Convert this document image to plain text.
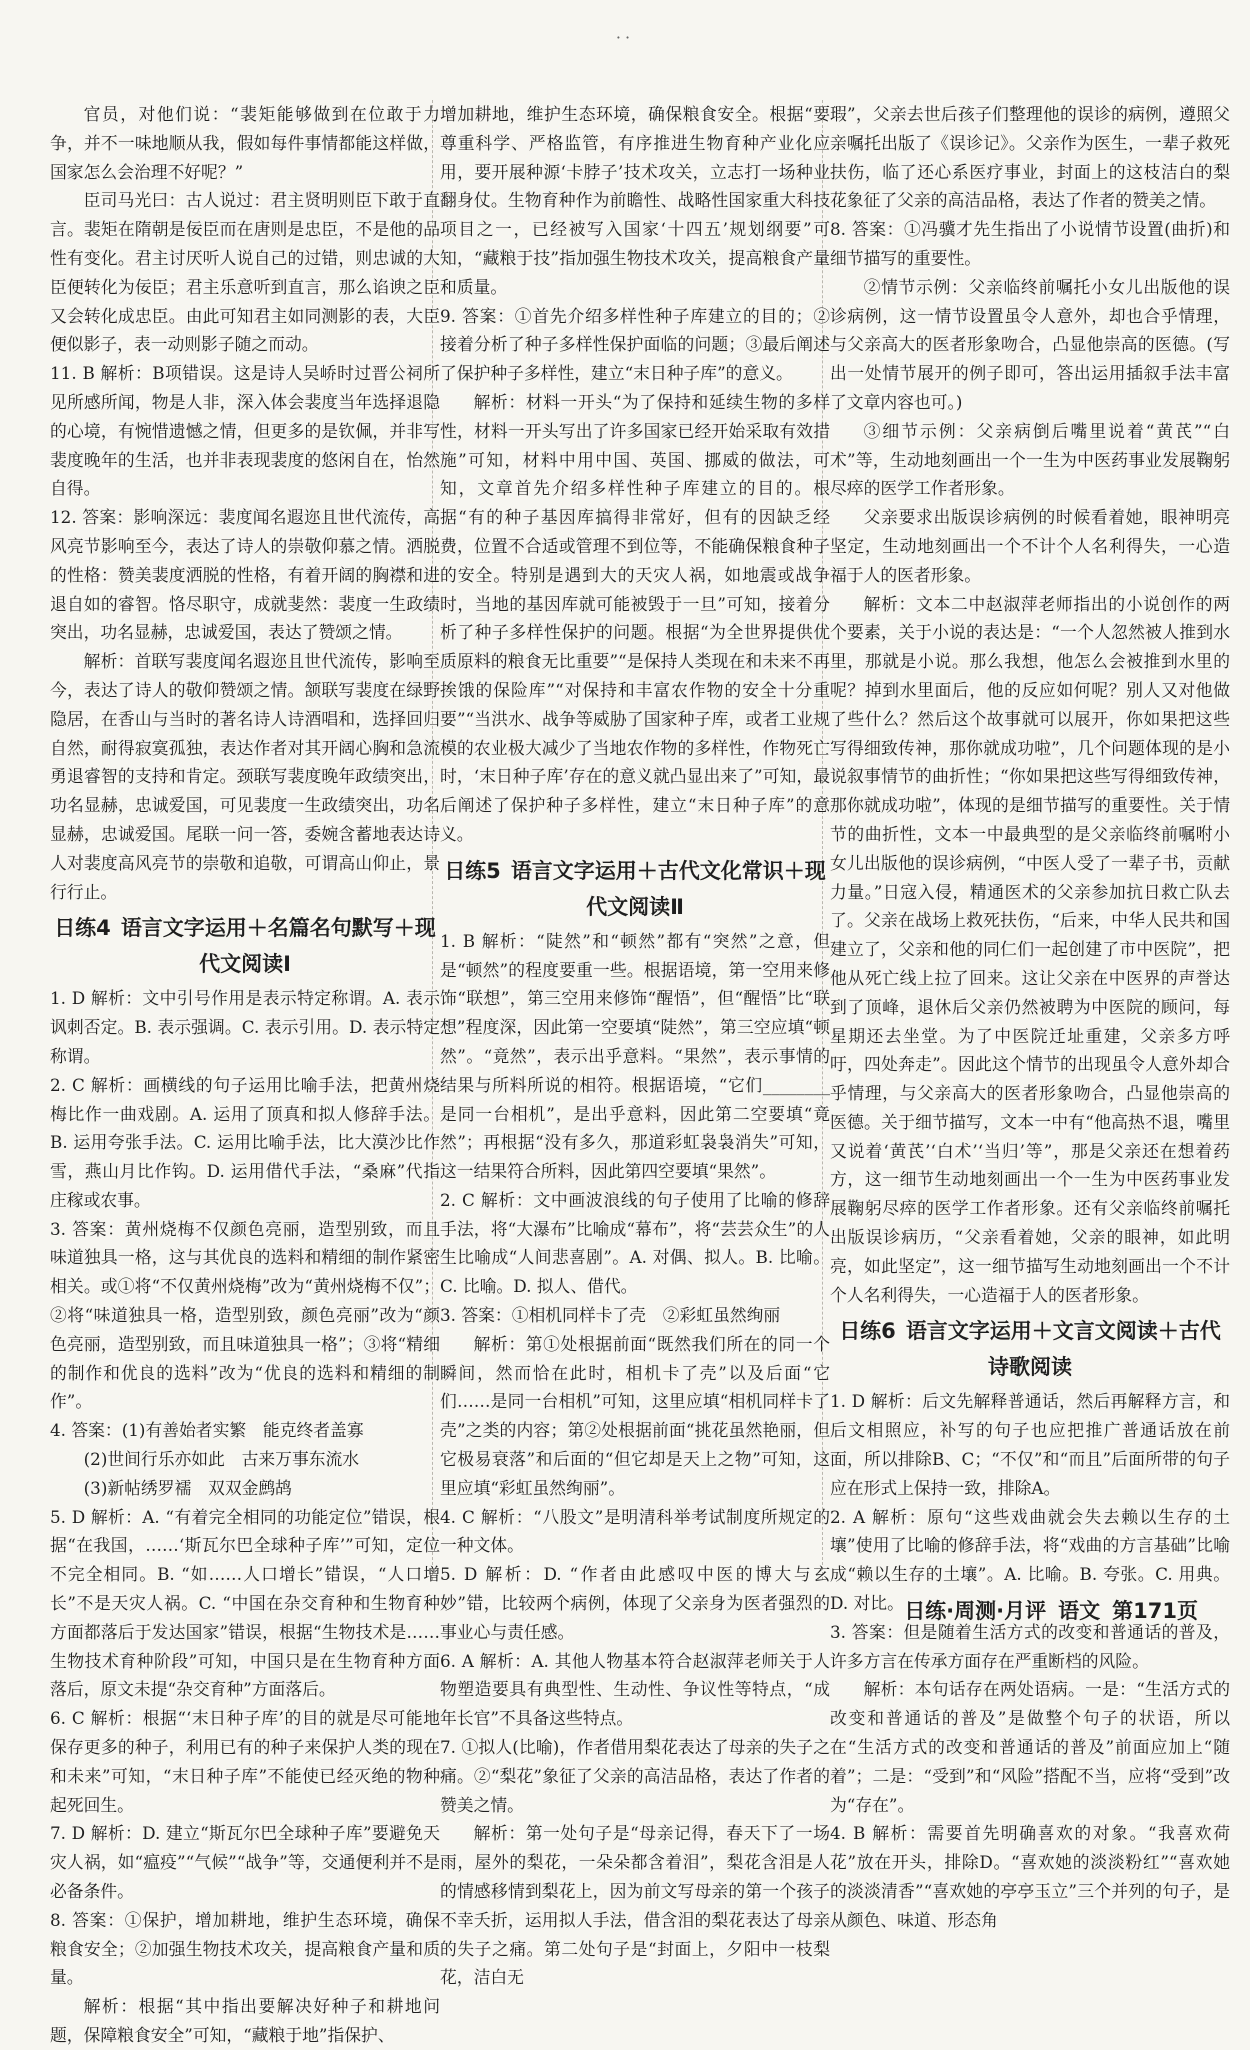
··

官员，对他们说：“裴矩能够做到在位敢于力争，并不一味地顺从我，假如每件事情都能这样做，国家怎么会治理不好呢？”

臣司马光曰：古人说过：君主贤明则臣下敢于直言。裴矩在隋朝是佞臣而在唐则是忠臣，不是他的品性有变化。君主讨厌听人说自己的过错，则忠诚的大臣便转化为佞臣；君主乐意听到直言，那么谄谀之臣又会转化成忠臣。由此可知君主如同测影的表，大臣便似影子，表一动则影子随之而动。

11. B 解析：B项错误。这是诗人吴峤时过晋公祠所见所感所闻，物是人非，深入体会裴度当年选择退隐的心境，有惋惜遗憾之情，但更多的是钦佩，并非写裴度晚年的生活，也并非表现裴度的悠闲自在，怡然自得。

12. 答案：影响深远：裴度闻名遐迩且世代流传，高风亮节影响至今，表达了诗人的崇敬仰慕之情。洒脱的性格：赞美裴度洒脱的性格，有着开阔的胸襟和进退自如的睿智。恪尽职守，成就斐然：裴度一生政绩突出，功名显赫，忠诚爱国，表达了赞颂之情。

解析：首联写裴度闻名遐迩且世代流传，影响至今，表达了诗人的敬仰赞颂之情。颔联写裴度在绿野隐居，在香山与当时的著名诗人诗酒唱和，选择回归自然，耐得寂寞孤独，表达作者对其开阔心胸和急流勇退睿智的支持和肯定。颈联写裴度晚年政绩突出，功名显赫，忠诚爱国，可见裴度一生政绩突出，功名显赫，忠诚爱国。尾联一问一答，委婉含蓄地表达诗人对裴度高风亮节的崇敬和追敬，可谓高山仰止，景行行止。

日练4 语言文字运用＋名篇名句默写＋现代文阅读Ⅰ

1. D 解析：文中引号作用是表示特定称谓。A. 表示讽刺否定。B. 表示强调。C. 表示引用。D. 表示特定称谓。

2. C 解析：画横线的句子运用比喻手法，把黄州烧梅比作一曲戏剧。A. 运用了顶真和拟人修辞手法。B. 运用夸张手法。C. 运用比喻手法，比大漠沙比作雪，燕山月比作钩。D. 运用借代手法，“桑麻”代指庄稼或农事。

3. 答案：黄州烧梅不仅颜色亮丽，造型别致，而且味道独具一格，这与其优良的选料和精细的制作紧密相关。或①将“不仅黄州烧梅”改为“黄州烧梅不仅”；②将“味道独具一格，造型别致，颜色亮丽”改为“颜色亮丽，造型别致，而且味道独具一格”；③将“精细的制作和优良的选料”改为“优良的选料和精细的制作”。

4. 答案：(1)有善始者实繁　能克终者盖寡

(2)世间行乐亦如此　古来万事东流水

(3)新帖绣罗襦　双双金鹧鸪

5. D 解析：A. “有着完全相同的功能定位”错误，根据“在我国，……‘斯瓦尔巴全球种子库’”可知，定位不完全相同。B. “如……人口增长”错误，“人口增长”不是天灾人祸。C. “中国在杂交育种和生物育种方面都落后于发达国家”错误，根据“生物技术是……生物技术育种阶段”可知，中国只是在生物育种方面落后，原文未提“杂交育种”方面落后。

6. C 解析：根据“‘末日种子库’的目的就是尽可能地保存更多的种子，利用已有的种子来保护人类的现在和未来”可知，“末日种子库”不能使已经灭绝的物种起死回生。

7. D 解析：D. 建立“斯瓦尔巴全球种子库”要避免天灾人祸，如“瘟疫”“气候”“战争”等，交通便利并不是必备条件。

8. 答案：①保护，增加耕地，维护生态环境，确保粮食安全；②加强生物技术攻关，提高粮食产量和质量。

解析：根据“其中指出要解决好种子和耕地问题，保障粮食安全”可知，“藏粮于地”指保护、

增加耕地，维护生态环境，确保粮食安全。根据“要尊重科学、严格监管，有序推进生物育种产业化应用，要开展种源‘卡脖子’技术攻关，立志打一场种业翻身仗。生物育种作为前瞻性、战略性国家重大科技项目之一，已经被写入国家‘十四五’规划纲要”可知，“藏粮于技”指加强生物技术攻关，提高粮食产量和质量。

9. 答案：①首先介绍多样性种子库建立的目的；②接着分析了种子多样性保护面临的问题；③最后阐述了保护种子多样性，建立“末日种子库”的意义。

解析：材料一开头“为了保持和延续生物的多样性，材料一开头写出了许多国家已经开始采取有效措施”可知，材料中用中国、英国、挪威的做法，可知，文章首先介绍多样性种子库建立的目的。根据“有的种子基因库搞得非常好，但有的因缺乏经费，位置不合适或管理不到位等，不能确保粮食种子的安全。特别是遇到大的天灾人祸，如地震或战争时，当地的基因库就可能被毁于一旦”可知，接着分析了种子多样性保护的问题。根据“为全世界提供优质原料的粮食无比重要”“是保持人类现在和未来不再挨饿的保险库”“对保持和丰富农作物的安全十分重要”“当洪水、战争等威胁了国家种子库，或者工业规模的农业极大减少了当地农作物的多样性，作物死亡时，‘末日种子库’存在的意义就凸显出来了”可知，最后阐述了保护种子多样性，建立“末日种子库”的意义。

日练5 语言文字运用＋古代文化常识＋现代文阅读Ⅱ

1. B 解析：“陡然”和“顿然”都有“突然”之意，但是“顿然”的程度要重一些。根据语境，第一空用来修饰“联想”，第三空用来修饰“醒悟”，但“醒悟”比“联想”程度深，因此第一空要填“陡然”，第三空应填“顿然”。“竟然”，表示出乎意料。“果然”，表示事情的结果与所料所说的相符。根据语境，“它们________是同一台相机”，是出乎意料，因此第二空要填“竟然”；再根据“没有多久，那道彩虹袅袅消失”可知，这一结果符合所料，因此第四空要填“果然”。

2. C 解析：文中画波浪线的句子使用了比喻的修辞手法，将“大瀑布”比喻成“幕布”，将“芸芸众生”的人生比喻成“人间悲喜剧”。A. 对偶、拟人。B. 比喻。C. 比喻。D. 拟人、借代。

3. 答案：①相机同样卡了壳　②彩虹虽然绚丽

解析：第①处根据前面“既然我们所在的同一个瞬间，然而恰在此时，相机卡了壳”以及后面“它们……是同一台相机”可知，这里应填“相机同样卡了壳”之类的内容；第②处根据前面“挑花虽然艳丽，但它极易衰落”和后面的“但它却是天上之物”可知，这里应填“彩虹虽然绚丽”。

4. C 解析：“八股文”是明清科举考试制度所规定的一种文体。

5. D 解析：D. “作者由此感叹中医的博大与玄妙”错，比较两个病例，体现了父亲身为医者强烈的事业心与责任感。

6. A 解析：A. 其他人物基本符合赵淑萍老师关于人物塑造要具有典型性、生动性、争议性等特点，“成年长官”不具备这些特点。

7. ①拟人(比喻)，作者借用梨花表达了母亲的失子之痛。②“梨花”象征了父亲的高洁品格，表达了作者的赞美之情。

解析：第一处句子是“母亲记得，春天下了一场雨，屋外的梨花，一朵朵都含着泪”，梨花含泪是人的情感移情到梨花上，因为前文写母亲的第一个孩子不幸夭折，运用拟人手法，借含泪的梨花表达了母亲的失子之痛。第二处句子是“封面上，夕阳中一枝梨花，洁白无

瑕”，父亲去世后孩子们整理他的误诊的病例，遵照父亲嘱托出版了《误诊记》。父亲作为医生，一辈子救死扶伤，临了还心系医疗事业，封面上的这枝洁白的梨花象征了父亲的高洁品格，表达了作者的赞美之情。

8. 答案：①冯骥才先生指出了小说情节设置(曲折)和细节描写的重要性。

②情节示例：父亲临终前嘱托小女儿出版他的误诊病例，这一情节设置虽令人意外，却也合乎情理，与父亲高大的医者形象吻合，凸显他崇高的医德。(写出一处情节展开的例子即可，答出运用插叙手法丰富了文章内容也可。)

③细节示例：父亲病倒后嘴里说着“黄芪”“白术”等，生动地刻画出一个一生为中医药事业发展鞠躬尽瘁的医学工作者形象。

父亲要求出版误诊病例的时候看着她，眼神明亮坚定，生动地刻画出一个不计个人名利得失，一心造福于人的医者形象。

解析：文本二中赵淑萍老师指出的小说创作的两个要素，关于小说的表达是：“一个人忽然被人推到水里，那就是小说。那么我想，他怎么会被推到水里的呢？掉到水里面后，他的反应如何呢？别人又对他做了些什么？然后这个故事就可以展开，你如果把这些写得细致传神，那你就成功啦”，几个问题体现的是小说叙事情节的曲折性；“你如果把这些写得细致传神，那你就成功啦”，体现的是细节描写的重要性。关于情节的曲折性，文本一中最典型的是父亲临终前嘱咐小女儿出版他的误诊病例，“中医人受了一辈子书，贡献力量。”日寇入侵，精通医术的父亲参加抗日救亡队去了。父亲在战场上救死扶伤，“后来，中华人民共和国建立了，父亲和他的同仁们一起创建了市中医院”，把他从死亡线上拉了回来。这让父亲在中医界的声誉达到了顶峰，退休后父亲仍然被聘为中医院的顾问，每星期还去坐堂。为了中医院迁址重建，父亲多方呼吁，四处奔走”。因此这个情节的出现虽令人意外却合乎情理，与父亲高大的医者形象吻合，凸显他崇高的医德。关于细节描写，文本一中有“他高热不退，嘴里又说着‘黄芪’‘白术’‘当归’等”，那是父亲还在想着药方，这一细节生动地刻画出一个一生为中医药事业发展鞠躬尽瘁的医学工作者形象。还有父亲临终前嘱托出版误诊病历，“父亲看着她，父亲的眼神，如此明亮，如此坚定”，这一细节描写生动地刻画出一个不计个人名利得失，一心造福于人的医者形象。

日练6 语言文字运用＋文言文阅读＋古代诗歌阅读

1. D 解析：后文先解释普通话，然后再解释方言，和后文相照应，补写的句子也应把推广普通话放在前面，所以排除B、C；“不仅”和“而且”后面所带的句子应在形式上保持一致，排除A。

2. A 解析：原句“这些戏曲就会失去赖以生存的土壤”使用了比喻的修辞手法，将“戏曲的方言基础”比喻成“赖以生存的土壤”。A. 比喻。B. 夸张。C. 用典。D. 对比。

3. 答案：但是随着生活方式的改变和普通话的普及，许多方言在传承方面存在严重断档的风险。

解析：本句话存在两处语病。一是：“生活方式的改变和普通话的普及”是做整个句子的状语，所以在“生活方式的改变和普通话的普及”前面应加上“随着”；二是：“受到”和“风险”搭配不当，应将“受到”改为“存在”。

4. B 解析：需要首先明确喜欢的对象。“我喜欢荷花”放在开头，排除D。“喜欢她的淡淡粉红”“喜欢她的淡淡清香”“喜欢她的亭亭玉立”三个并列的句子，是从颜色、味道、形态角

日练·周测·月评 语文 第171页
